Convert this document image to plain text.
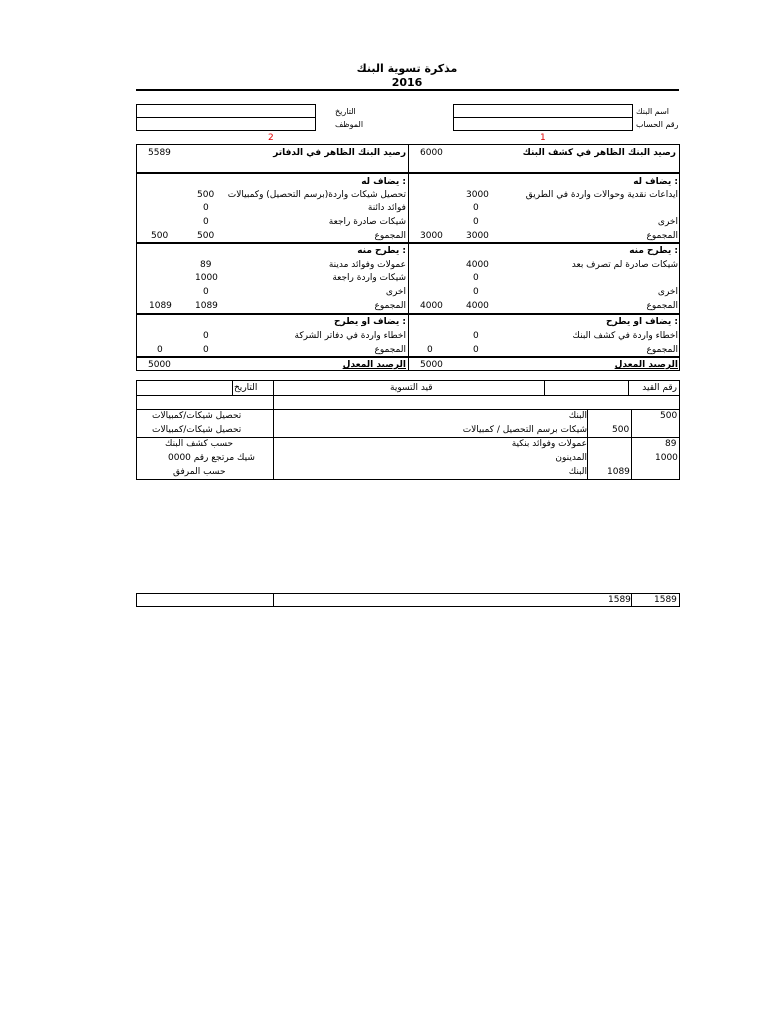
مذكرة تسوية البنك
2016
اسم البنك
رقم الحساب
التاريخ
الموظف
1
2
رصيد البنك الظاهر في كشف البنك
6000
: يضاف له
ايداعات نقدية وحوالات واردة في الطريق
3000
0
اخرى
0
المجموع
3000
3000
: يطرح منه
شيكات صادرة لم تصرف بعد
4000
0
اخرى
0
المجموع
4000
4000
: يضاف او يطرح
اخطاء واردة في كشف البنك
0
المجموع
0
0
الرصيد المعدل
5000
رصيد البنك الظاهر في الدفاتر
5589
: يضاف له
تحصيل شيكات واردة(برسم التحصيل) وكمبيالات
500
فوائد دائنة
0
شيكات صادرة راجعة
0
المجموع
500
500
: يطرح منه
عمولات وفوائد مدينة
89
شيكات واردة راجعة
1000
اخرى
0
المجموع
1089
1089
: يضاف او يطرح
اخطاء واردة في دفاتر الشركة
0
المجموع
0
0
الرصيد المعدل
5000
رقم القيد
قيد التسوية
التاريخ
500
البنك
تحصيل شيكات/كمبيالات
500
شيكات برسم التحصيل / كمبيالات
تحصيل شيكات/كمبيالات
89
عمولات وفوائد بنكية
حسب كشف البنك
1000
المدينون
شيك مرتجع رقم 0000
1089
البنك
حسب المرفق
1589
1589
